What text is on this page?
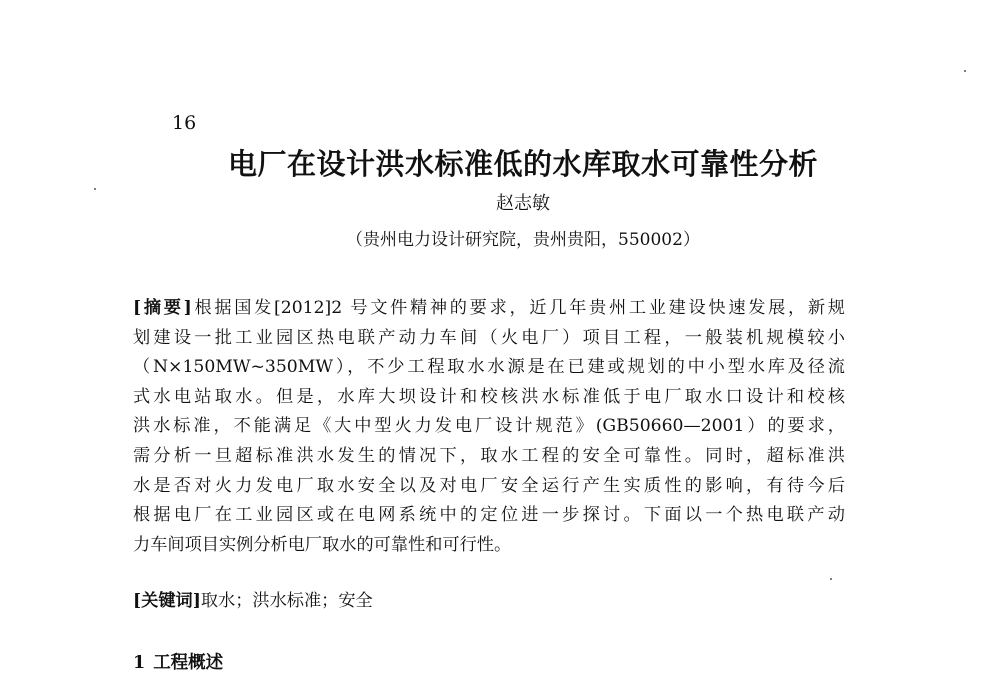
16
电厂在设计洪水标准低的水库取水可靠性分析
赵志敏
（贵州电力设计研究院，贵州贵阳，550002）
[摘要]根据国发[2012]2 号文件精神的要求，近几年贵州工业建设快速发展，新规
划建设一批工业园区热电联产动力车间（火电厂）项目工程，一般装机规模较小
（N×150MW~350MW），不少工程取水水源是在已建或规划的中小型水库及径流
式水电站取水。但是，水库大坝设计和校核洪水标准低于电厂取水口设计和校核
洪水标准，不能满足《大中型火力发电厂设计规范》(GB50660—2001）的要求，
需分析一旦超标准洪水发生的情况下，取水工程的安全可靠性。同时，超标准洪
水是否对火力发电厂取水安全以及对电厂安全运行产生实质性的影响，有待今后
根据电厂在工业园区或在电网系统中的定位进一步探讨。下面以一个热电联产动
力车间项目实例分析电厂取水的可靠性和可行性。
[关键词]取水；洪水标准；安全
1 工程概述
